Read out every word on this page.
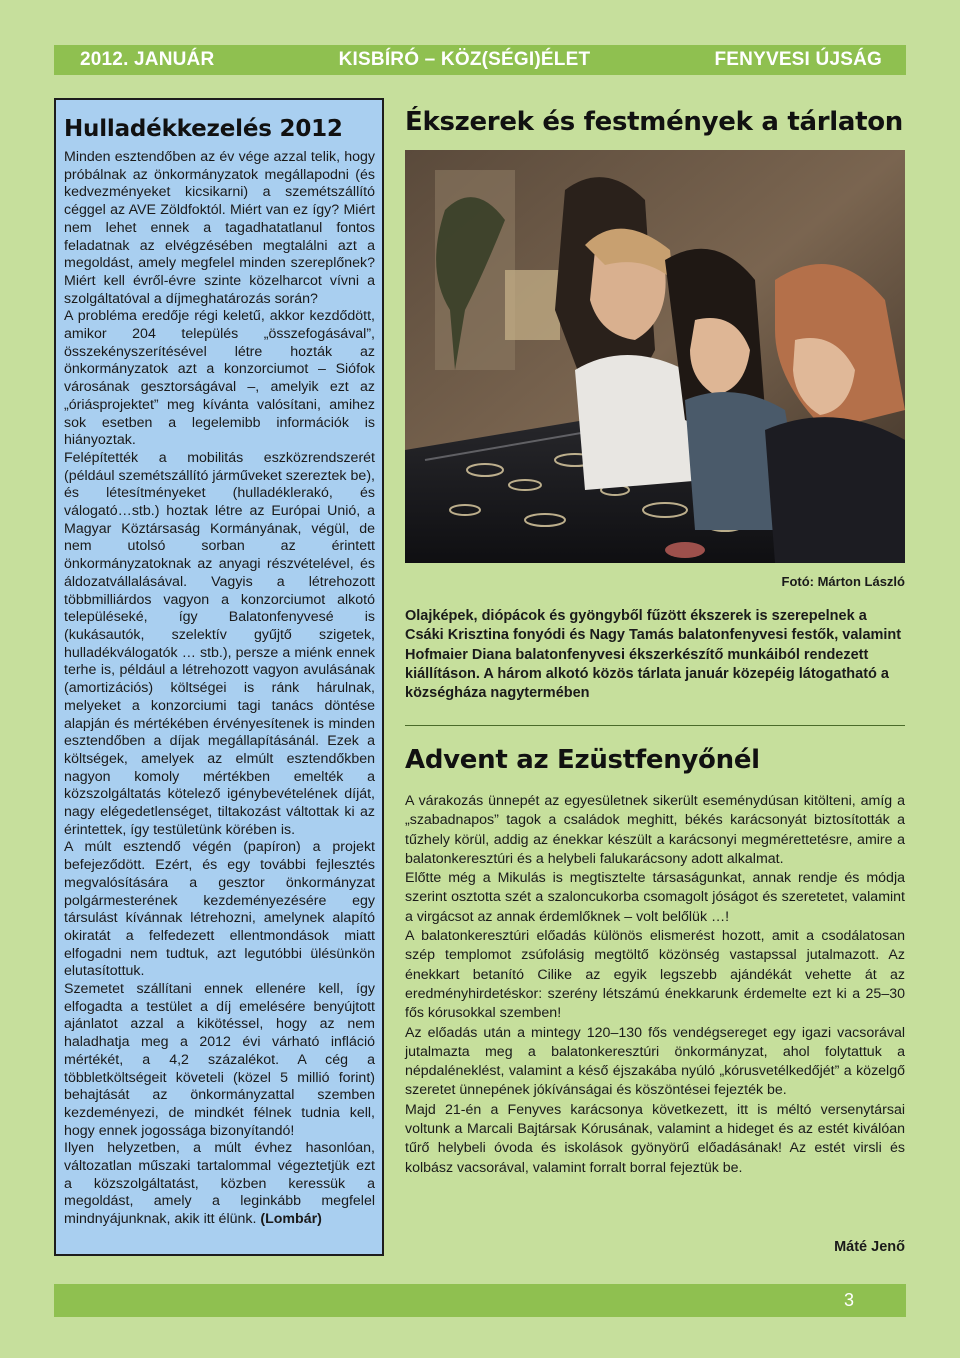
2012. JANUÁR	KISBÍRÓ – KÖZ(SÉGI)ÉLET	FENYVESI ÚJSÁG
Hulladékkezelés 2012

Minden esztendőben az év vége azzal telik, hogy próbálnak az önkormányzatok megállapodni (és kedvezményeket kicsikarni) a szemétszállító céggel az AVE Zöldfoktól. Miért van ez így? Miért nem lehet ennek a tagadhatatlanul fontos feladatnak az elvégzésében megtalálni azt a megoldást, amely megfelel minden szereplőnek? Miért kell évről-évre szinte közelharcot vívni a szolgáltatóval a díjmeghatározás során?

A probléma eredője régi keletű, akkor kezdődött, amikor 204 település „összefogásával”, összekényszerítésével létre hozták az önkormányzatok azt a konzorciumot – Siófok városának gesztorságával –, amelyik ezt az „óriásprojektet” meg kívánta valósítani, amihez sok esetben a legelemibb információk is hiányoztak.

Felépítették a mobilitás eszközrendszerét (például szemétszállító járműveket szereztek be), és létesítményeket (hulladéklerakó, és válogató…stb.) hoztak létre az Európai Unió, a Magyar Köztársaság Kormányának, végül, de nem utolsó sorban az érintett önkormányzatoknak az anyagi részvételével, és áldozatvállalásával. Vagyis a létrehozott többmilliárdos vagyon a konzorciumot alkotó településeké, így Balatonfenyvesé is (kukásautók, szelektív gyűjtő szigetek, hulladékválogatók … stb.), persze a miénk ennek terhe is, például a létrehozott vagyon avulásának (amortizációs) költségei is ránk hárulnak, melyeket a konzorciumi tagi tanács döntése alapján és mértékében érvényesítenek is minden esztendőben a díjak megállapításánál. Ezek a költségek, amelyek az elmúlt esztendőkben nagyon komoly mértékben emelték a közszolgáltatás kötelező igénybevételének díját, nagy elégedetlenséget, tiltakozást váltottak ki az érintettek, így testületünk körében is.

A múlt esztendő végén (papíron) a projekt befejeződött. Ezért, és egy további fejlesztés megvalósítására a gesztor önkormányzat polgármesterének kezdeményezésére egy társulást kívánnak létrehozni, amelynek alapító okiratát a felfedezett ellentmondások miatt elfogadni nem tudtuk, azt legutóbbi ülésünkön elutasítottuk.

Szemetet szállítani ennek ellenére kell, így elfogadta a testület a díj emelésére benyújtott ajánlatot azzal a kikötéssel, hogy az nem haladhatja meg a 2012 évi várható infláció mértékét, a 4,2 százalékot. A cég a többletköltségeit követeli (közel 5 millió forint) behajtását az önkormányzattal szemben kezdeményezi, de mindkét félnek tudnia kell, hogy ennek jogossága bizonyítandó!

Ilyen helyzetben, a múlt évhez hasonlóan, változatlan műszaki tartalommal végeztetjük ezt a közszolgáltatást, közben keressük a megoldást, amely a leginkább megfelel mindnyájunknak, akik itt élünk. (Lombár)

Ékszerek és festmények a tárlaton

Fotó: Márton László

Olajképek, diópácok és gyöngyből fűzött ékszerek is szerepelnek a Csáki Krisztina fonyódi és Nagy Tamás balatonfenyvesi festők, valamint Hofmaier Diana balatonfenyvesi ékszerkészítő munkáiból rendezett kiállításon. A három alkotó közös tárlata január közepéig látogatható a községháza nagytermében

Advent az Ezüstfenyőnél

A várakozás ünnepét az egyesületnek sikerült eseménydúsan kitölteni, amíg a „szabadnapos” tagok a családok meghitt, békés karácsonyát biztosították a tűzhely körül, addig az énekkar készült a karácsonyi megmérettetésre, amire a balatonkeresztúri és a helybeli falukarácsony adott alkalmat.

Előtte még a Mikulás is megtisztelte társaságunkat, annak rendje és módja szerint osztotta szét a szaloncukorba csomagolt jóságot és szeretetet, valamint a virgácsot az annak érdemlőknek – volt belőlük …!

A balatonkeresztúri előadás különös elismerést hozott, amit a csodálatosan szép templomot zsúfolásig megtöltő közönség vastapssal jutalmazott. Az énekkart betanító Cilike az egyik legszebb ajándékát vehette át az eredményhirdetéskor: szerény létszámú énekkarunk érdemelte ezt ki a 25–30 fős kórusokkal szemben!

Az előadás után a mintegy 120–130 fős vendégsereget egy igazi vacsorával jutalmazta meg a balatonkeresztúri önkormányzat, ahol folytattuk a népdaléneklést, valamint a késő éjszakába nyúló „kórusvetélkedőjét” a közelgő szeretet ünnepének jókívánságai és köszöntései fejezték be.

Majd 21-én a Fenyves karácsonya következett, itt is méltó versenytársai voltunk a Marcali Bajtársak Kórusának, valamint a hideget és az estét kiválóan tűrő helybeli óvoda és iskolások gyönyörű előadásának! Az estét virsli és kolbász vacsorával, valamint forralt borral fejeztük be.

Máté Jenő

3
